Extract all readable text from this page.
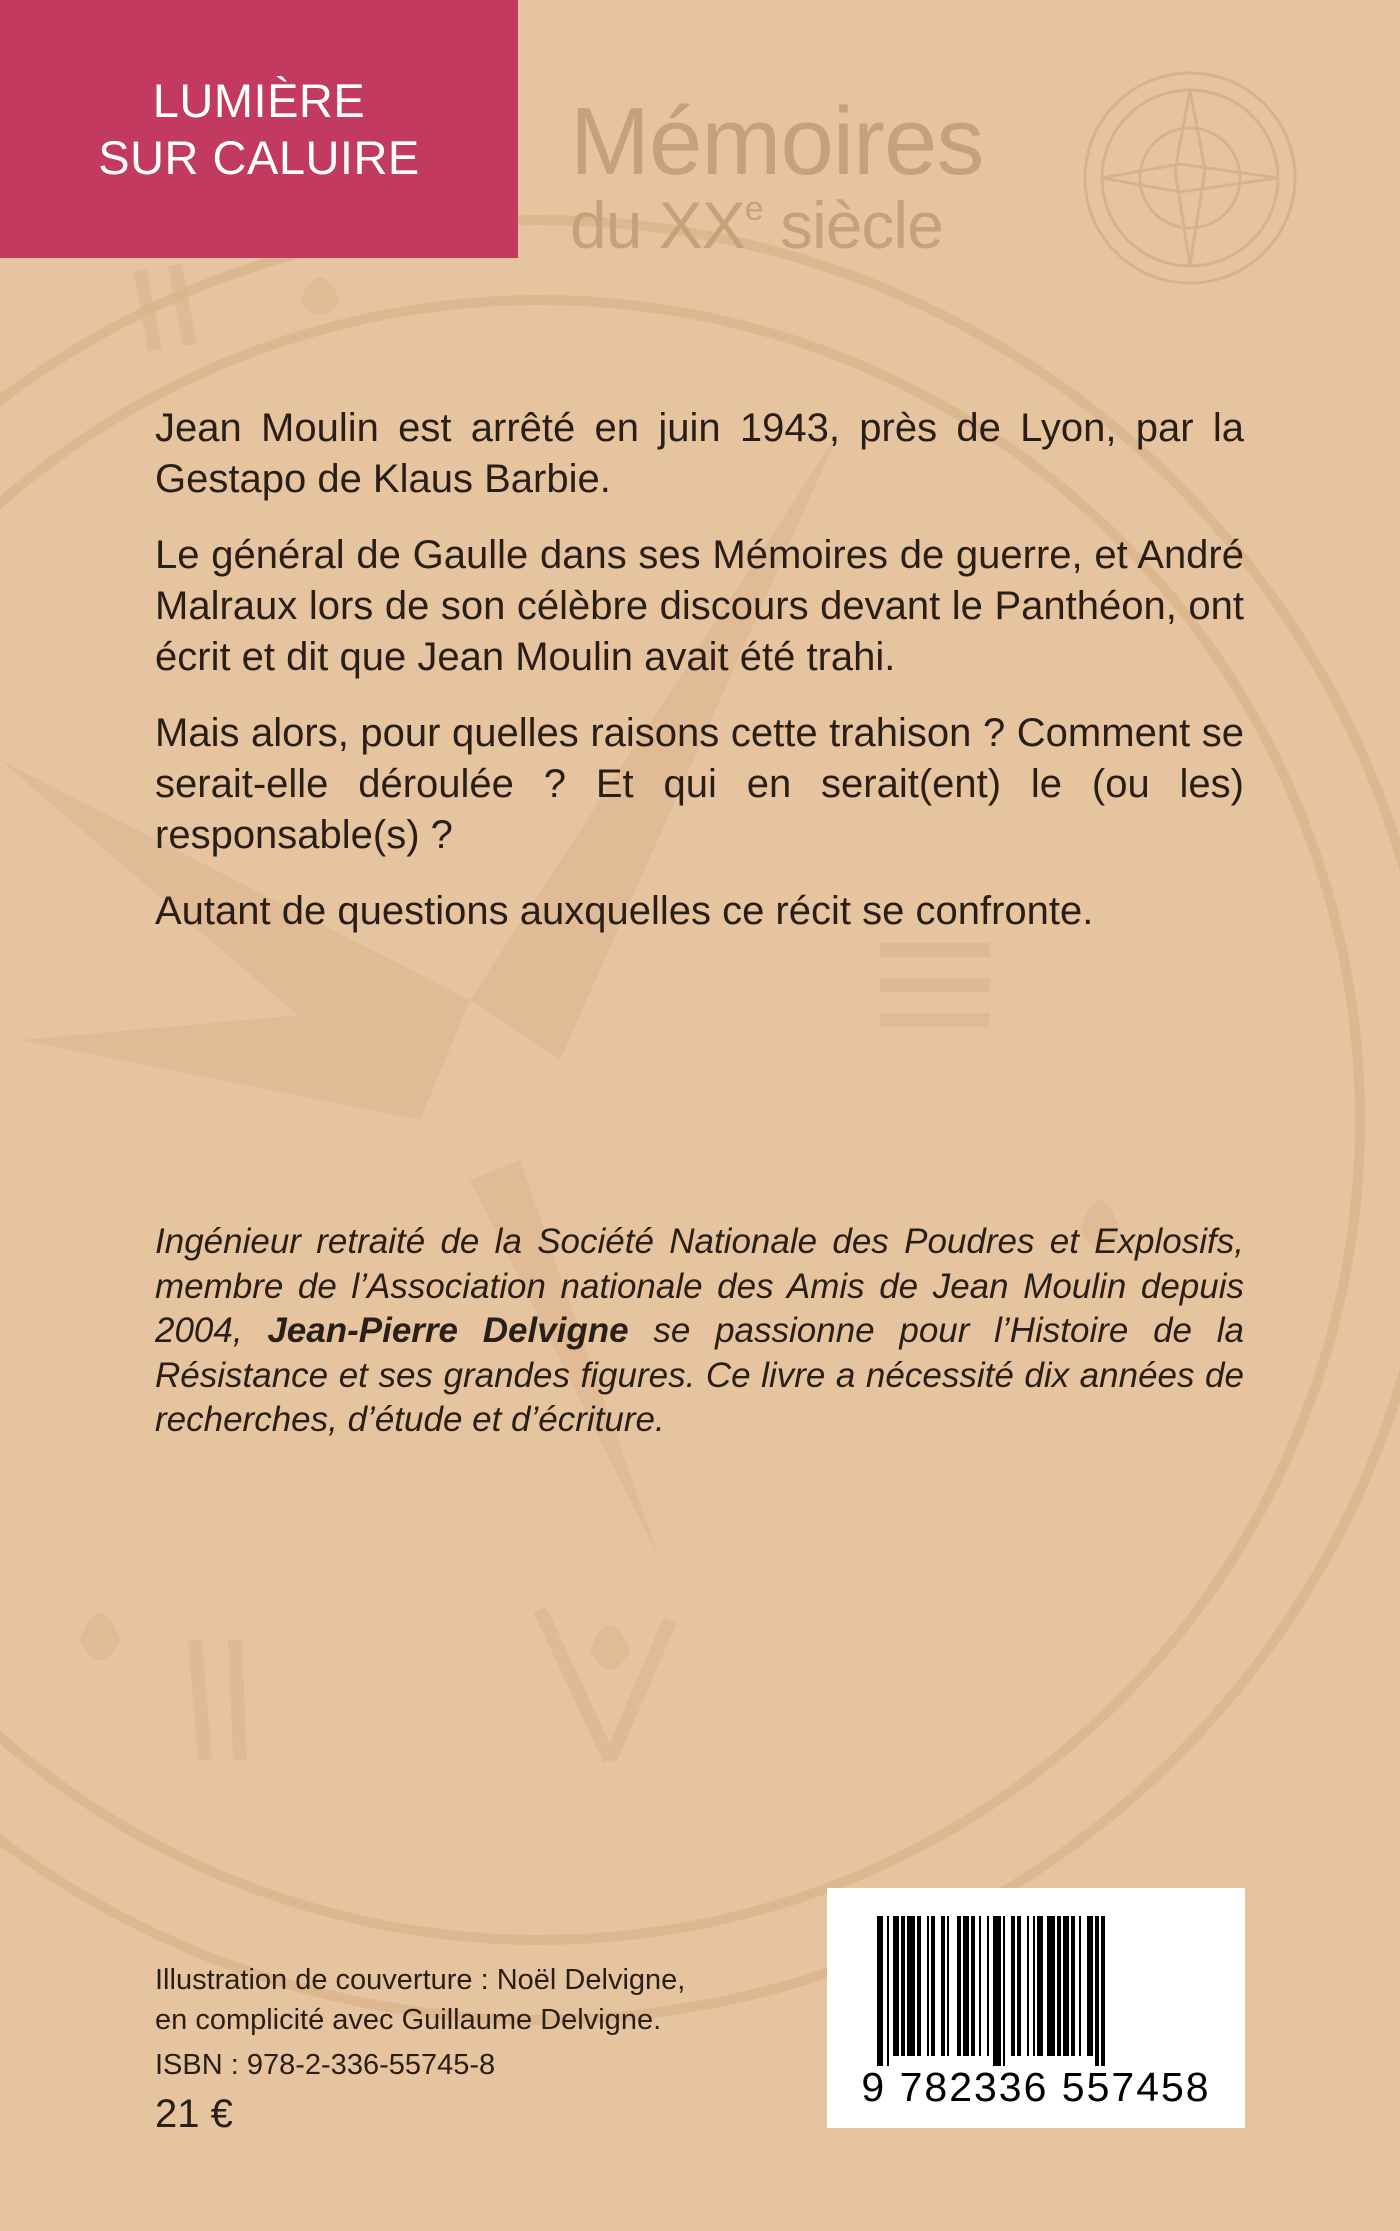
LUMIÈRE
SUR CALUIRE	Mémoires
du XXe siècle

Jean Moulin est arrêté en juin 1943, près de Lyon, par la Gestapo de Klaus Barbie.

Le général de Gaulle dans ses Mémoires de guerre, et André Malraux lors de son célèbre discours devant le Panthéon, ont écrit et dit que Jean Moulin avait été trahi.

Mais alors, pour quelles raisons cette trahison ? Comment se serait-elle déroulée ? Et qui en serait(ent) le (ou les) responsable(s) ?

Autant de questions auxquelles ce récit se confronte.

Ingénieur retraité de la Société Nationale des Poudres et Explosifs, membre de l’Association nationale des Amis de Jean Moulin depuis 2004, Jean-Pierre Delvigne se passionne pour l’Histoire de la Résistance et ses grandes figures. Ce livre a nécessité dix années de recherches, d’étude et d’écriture.

Illustration de couverture : Noël Delvigne,
en complicité avec Guillaume Delvigne.
ISBN : 978-2-336-55745-8
21 €
9 782336 557458
